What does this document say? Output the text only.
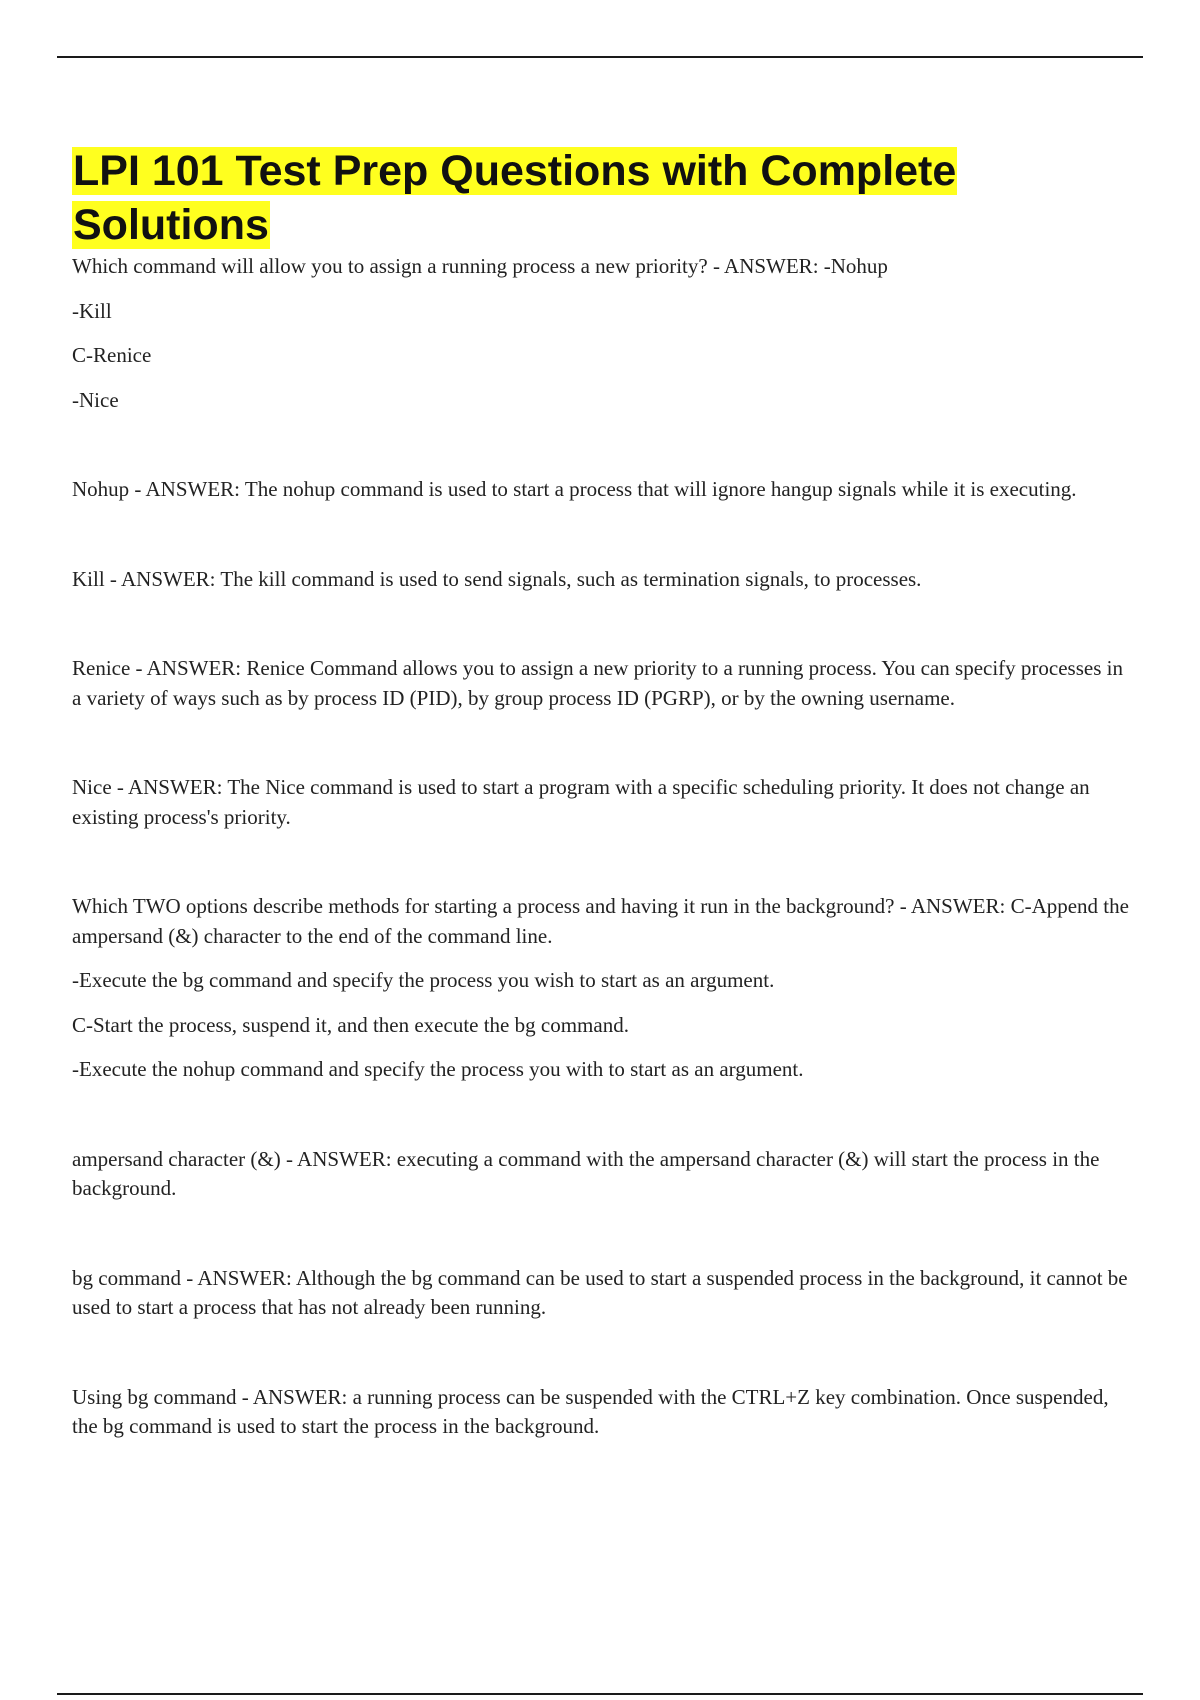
LPI 101 Test Prep Questions with Complete Solutions

Which command will allow you to assign a running process a new priority? - ANSWER: -Nohup

-Kill

C-Renice

-Nice

Nohup - ANSWER: The nohup command is used to start a process that will ignore hangup signals while it is executing.

Kill - ANSWER: The kill command is used to send signals, such as termination signals, to processes.

Renice - ANSWER: Renice Command allows you to assign a new priority to a running process. You can specify processes in a variety of ways such as by process ID (PID), by group process ID (PGRP), or by the owning username.

Nice - ANSWER: The Nice command is used to start a program with a specific scheduling priority. It does not change an existing process's priority.

Which TWO options describe methods for starting a process and having it run in the background? - ANSWER: C-Append the ampersand (&) character to the end of the command line.

-Execute the bg command and specify the process you wish to start as an argument.

C-Start the process, suspend it, and then execute the bg command.

-Execute the nohup command and specify the process you with to start as an argument.

ampersand character (&) - ANSWER: executing a command with the ampersand character (&) will start the process in the background.

bg command - ANSWER: Although the bg command can be used to start a suspended process in the background, it cannot be used to start a process that has not already been running.

Using bg command - ANSWER: a running process can be suspended with the CTRL+Z key combination. Once suspended, the bg command is used to start the process in the background.
